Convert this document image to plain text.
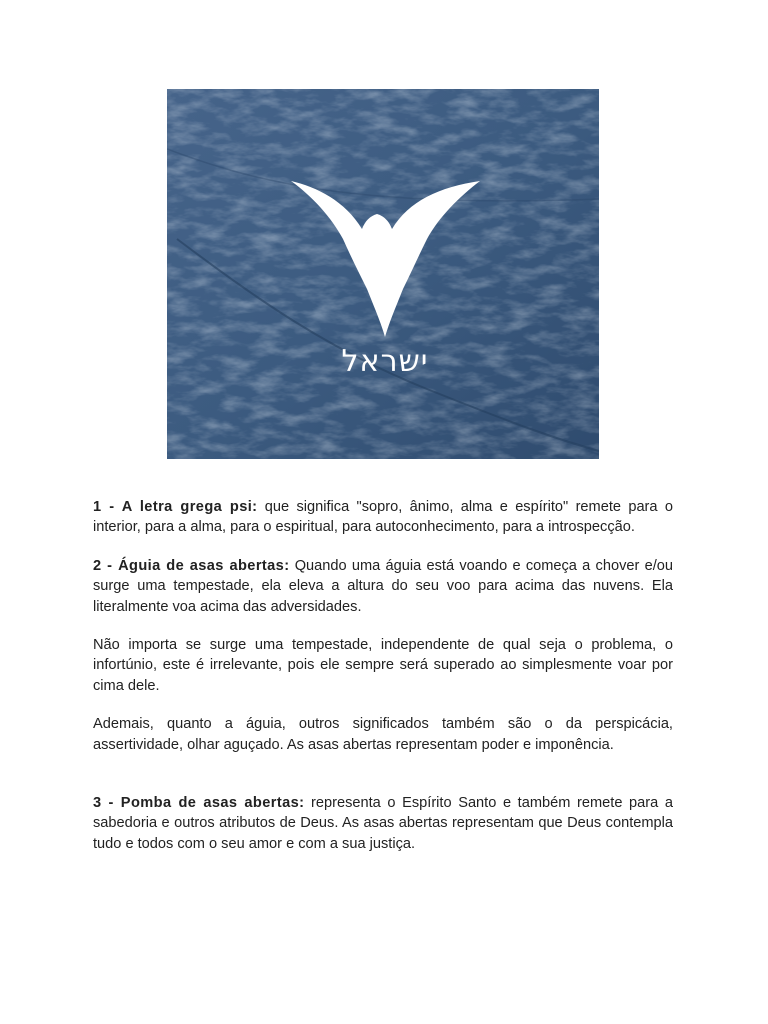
ישראל

1 - A letra grega psi: que significa "sopro, ânimo, alma e espírito" remete para o interior, para a alma, para o espiritual, para autoconhecimento, para a introspecção.

2 - Águia de asas abertas: Quando uma águia está voando e começa a chover e/ou surge uma tempestade, ela eleva a altura do seu voo para acima das nuvens. Ela literalmente voa acima das adversidades.

Não importa se surge uma tempestade, independente de qual seja o problema, o infortúnio, este é irrelevante, pois ele sempre será superado ao simplesmente voar por cima dele.

Ademais, quanto a águia, outros significados também são o da perspicácia, assertividade, olhar aguçado. As asas abertas representam poder e imponência.

3 - Pomba de asas abertas: representa o Espírito Santo e também remete para a sabedoria e outros atributos de Deus. As asas abertas representam que Deus contempla tudo e todos com o seu amor e com a sua justiça.
